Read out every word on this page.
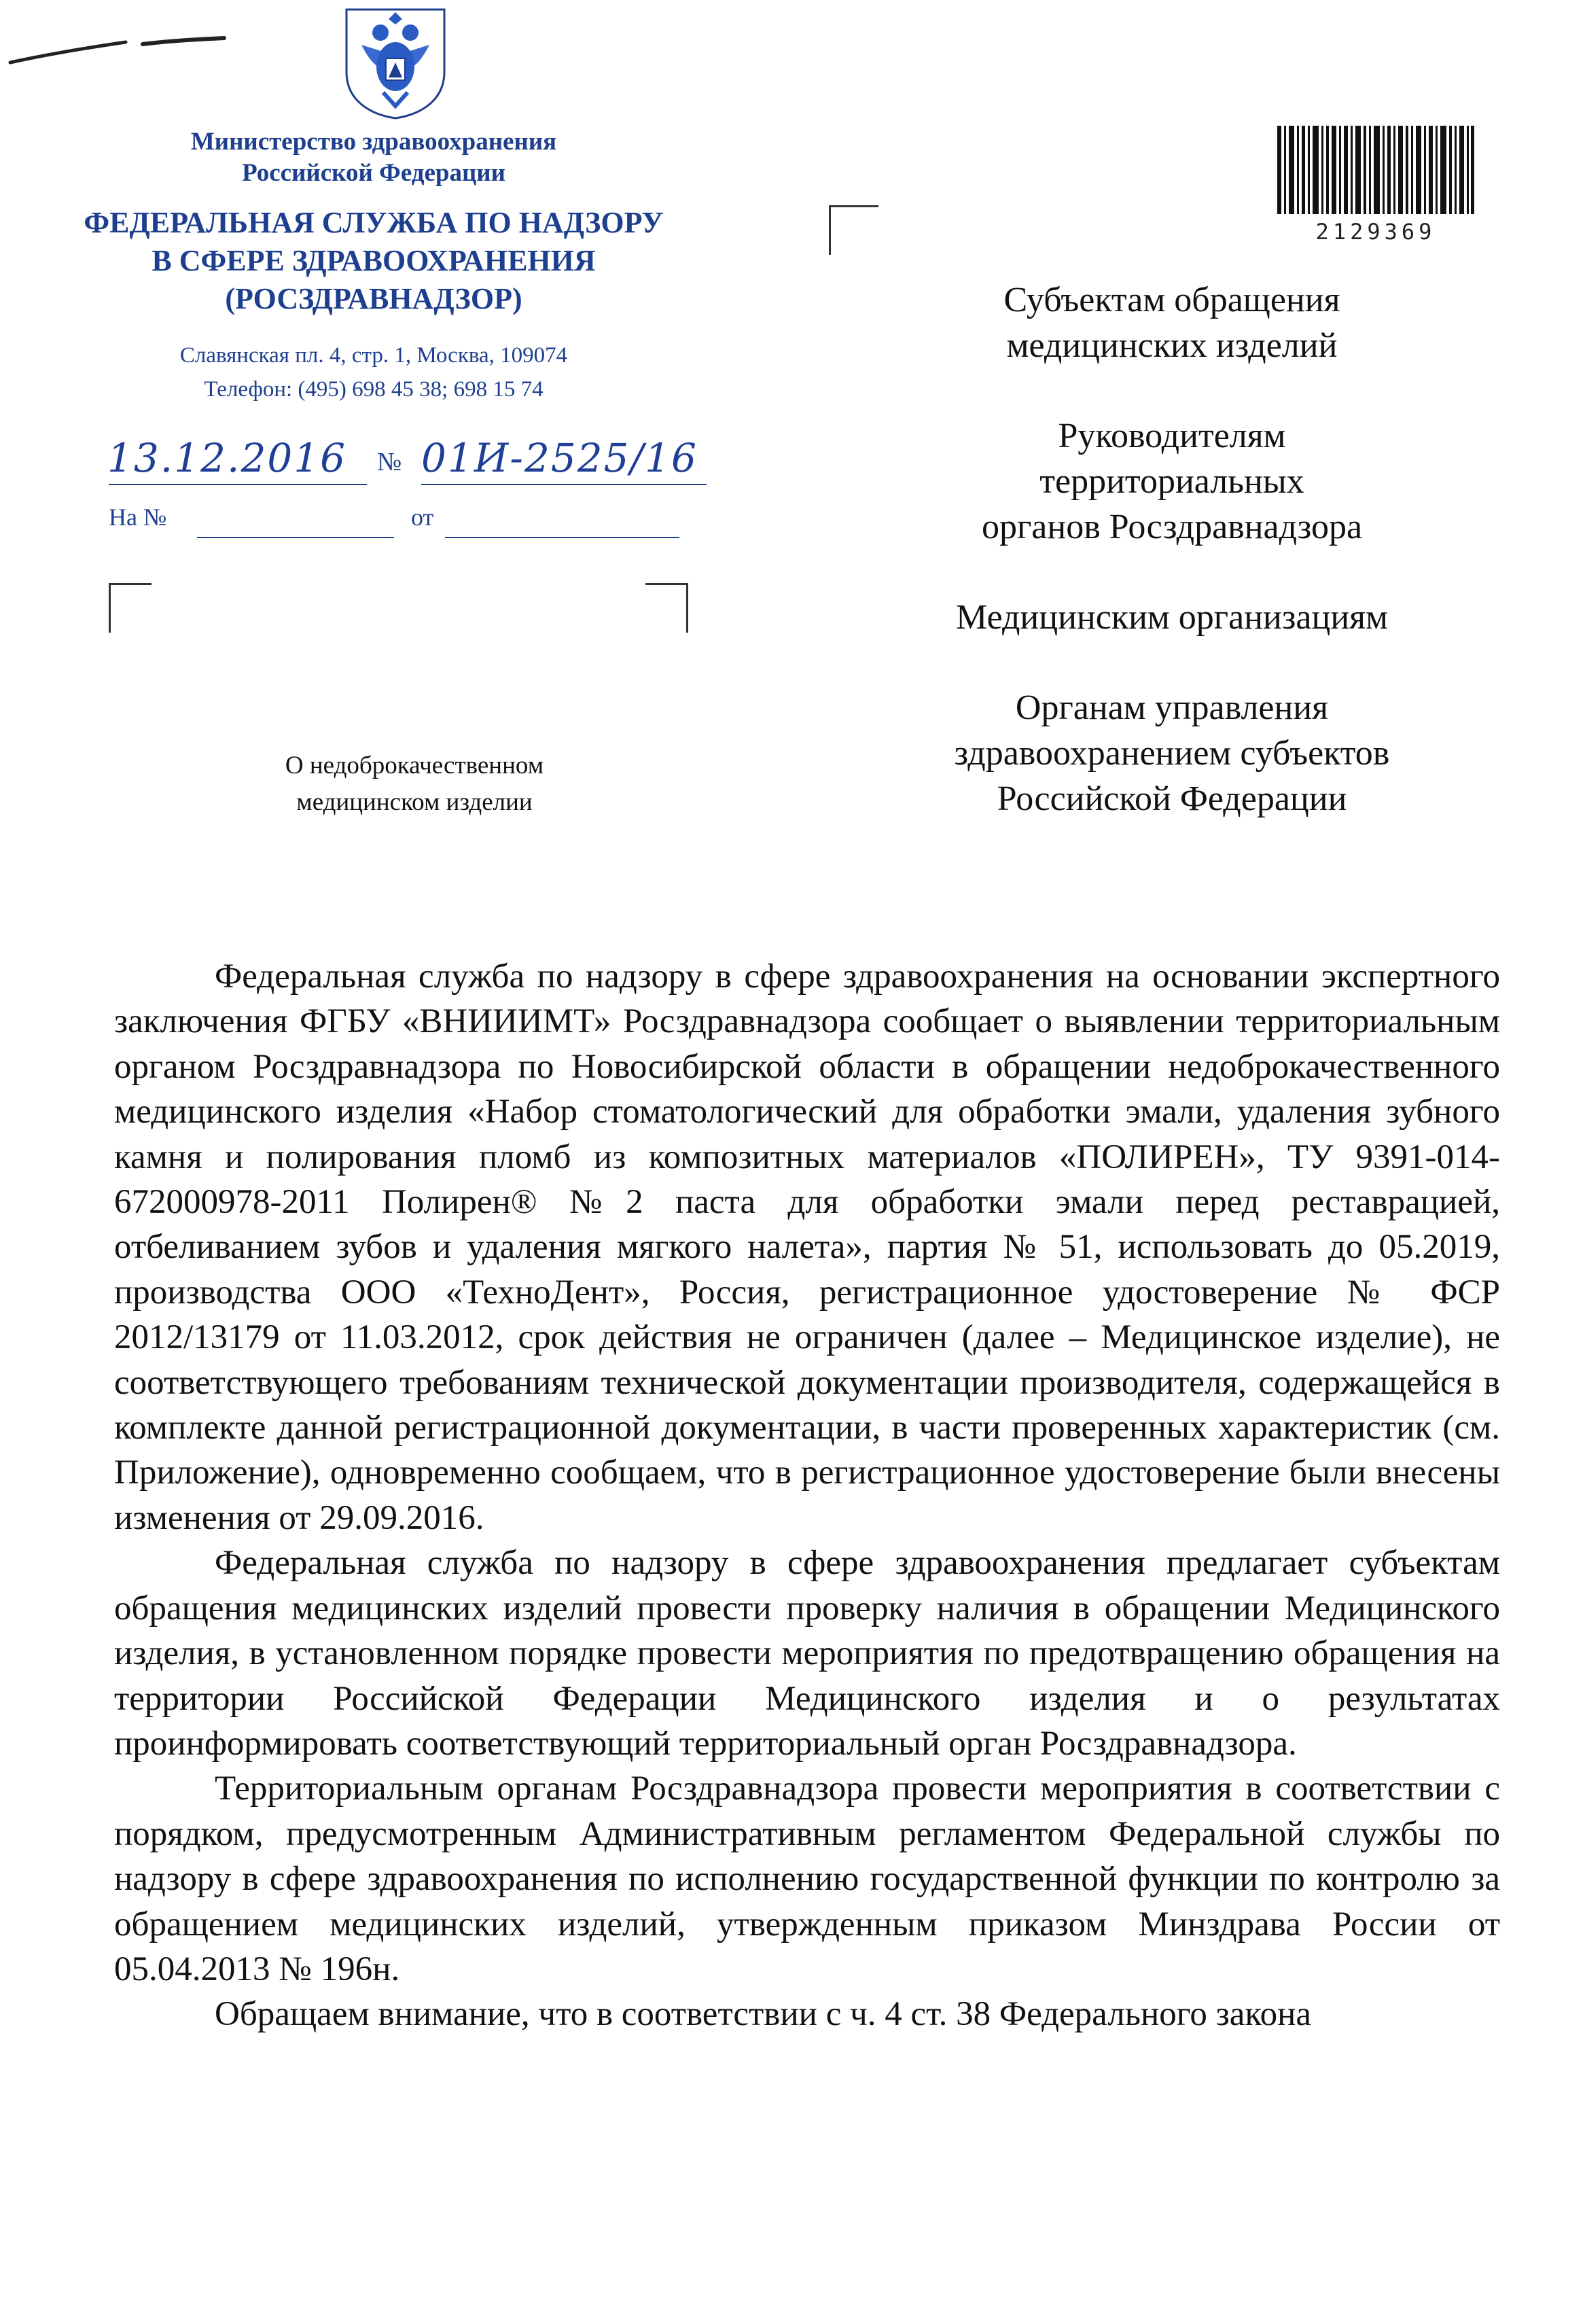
Министерство здравоохранения
Российской Федерации
ФЕДЕРАЛЬНАЯ СЛУЖБА ПО НАДЗОРУ
В СФЕРЕ ЗДРАВООХРАНЕНИЯ
(РОСЗДРАВНАДЗОР)
Славянская пл. 4, стр. 1, Москва, 109074
Телефон: (495) 698 45 38; 698 15 74
13.12.2016 № 01И-2525/16
На №	от
2129369
Субъектам обращения
медицинских изделий
Руководителям
территориальных
органов Росздравнадзора
Медицинским организациям
Органам управления
здравоохранением субъектов
Российской Федерации
О недоброкачественном
медицинском изделии

Федеральная служба по надзору в сфере здравоохранения на основании экспертного заключения ФГБУ «ВНИИИМТ» Росздравнадзора сообщает о выявлении территориальным органом Росздравнадзора по Новосибирской области в обращении недоброкачественного медицинского изделия «Набор стоматологический для обработки эмали, удаления зубного камня и полирования пломб из композитных материалов «ПОЛИРЕН», ТУ 9391-014-672000978-2011 Полирен® №2 паста для обработки эмали перед реставрацией, отбеливанием зубов и удаления мягкого налета», партия № 51, использовать до 05.2019, производства ООО «ТехноДент», Россия, регистрационное удостоверение № ФСР 2012/13179 от 11.03.2012, срок действия не ограничен (далее – Медицинское изделие), не соответствующего требованиям технической документации производителя, содержащейся в комплекте данной регистрационной документации, в части проверенных характеристик (см. Приложение), одновременно сообщаем, что в регистрационное удостоверение были внесены изменения от 29.09.2016.

Федеральная служба по надзору в сфере здравоохранения предлагает субъектам обращения медицинских изделий провести проверку наличия в обращении Медицинского изделия, в установленном порядке провести мероприятия по предотвращению обращения на территории Российской Федерации Медицинского изделия и о результатах проинформировать соответствующий территориальный орган Росздравнадзора.

Территориальным органам Росздравнадзора провести мероприятия в соответствии с порядком, предусмотренным Административным регламентом Федеральной службы по надзору в сфере здравоохранения по исполнению государственной функции по контролю за обращением медицинских изделий, утвержденным приказом Минздрава России от 05.04.2013 № 196н.

Обращаем внимание, что в соответствии с ч. 4 ст. 38 Федерального закона
